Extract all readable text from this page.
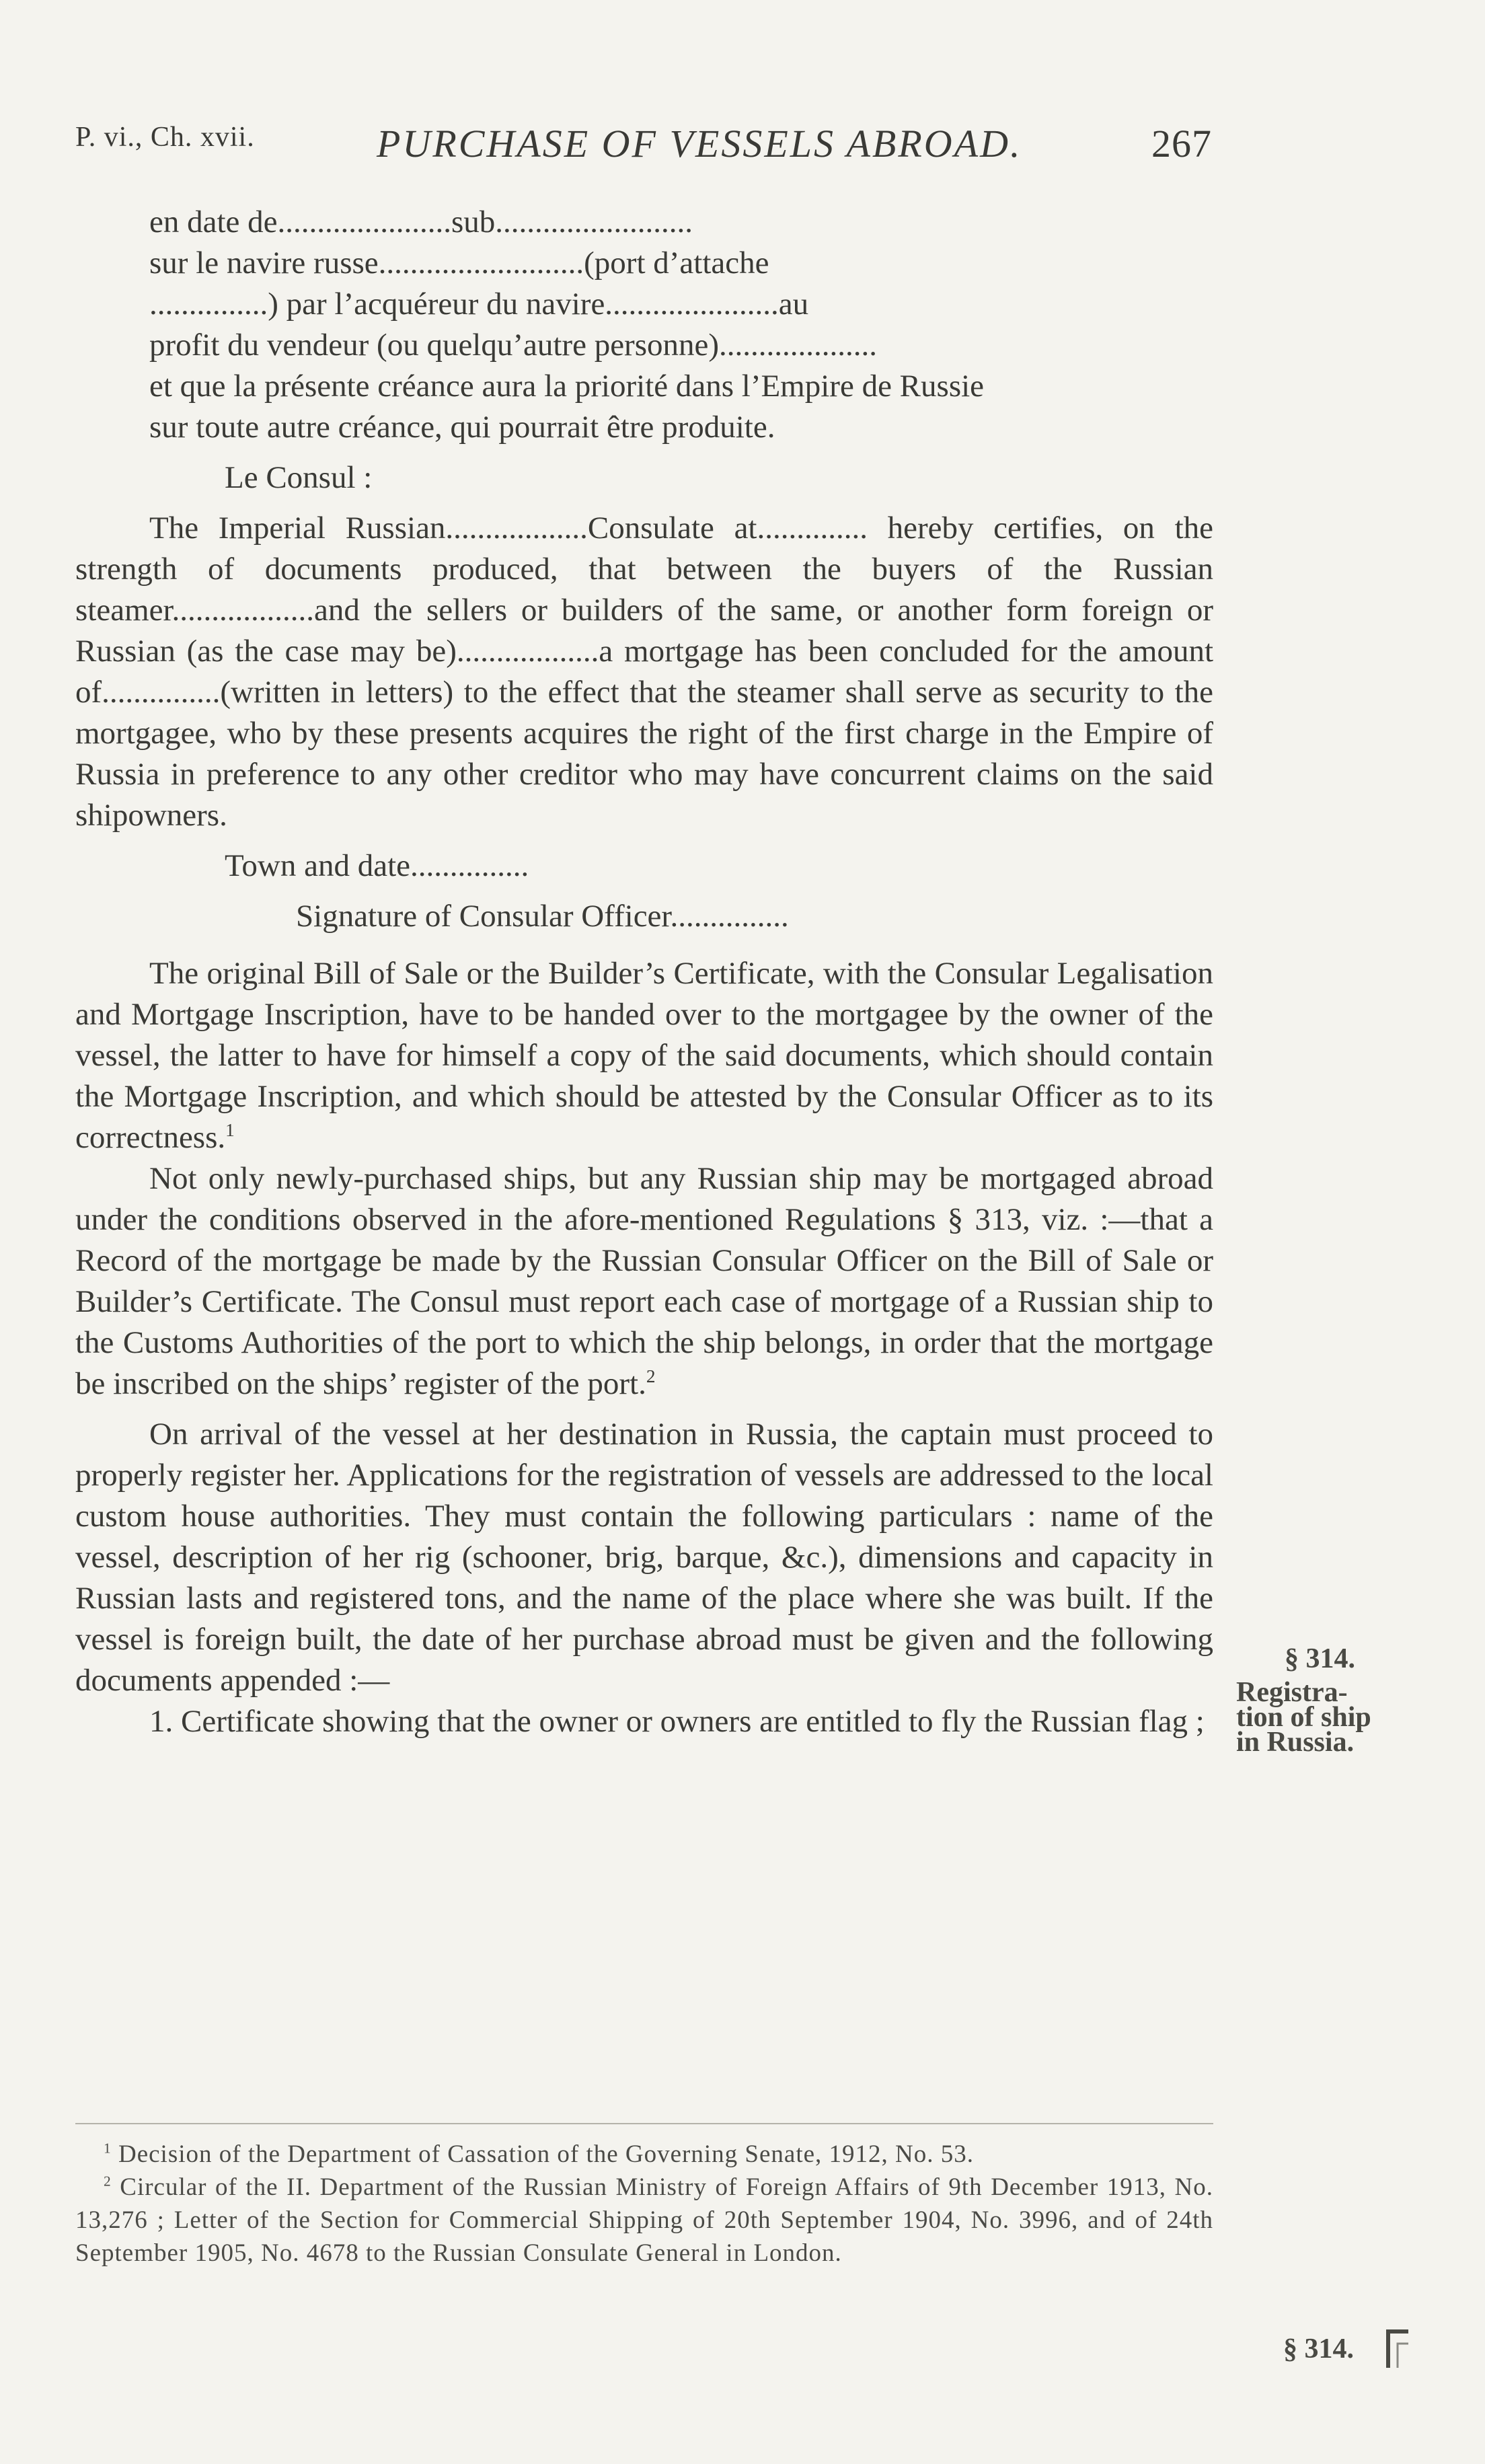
P. vi., Ch. xvii.	PURCHASE OF VESSELS ABROAD.	267

en date de......................sub.........................

sur le navire russe..........................(port d’attache

...............) par l’acquéreur du navire......................au

profit du vendeur (ou quelqu’autre personne)....................

et que la présente créance aura la priorité dans l’Empire de Russie

sur toute autre créance, qui pourrait être produite.

Le Consul :

The Imperial Russian..................Consulate at.............. hereby certifies, on the strength of documents produced, that between the buyers of the Russian steamer..................and the sellers or builders of the same, or another form foreign or Russian (as the case may be)..................a mortgage has been concluded for the amount of...............(written in letters) to the effect that the steamer shall serve as security to the mortgagee, who by these presents acquires the right of the first charge in the Empire of Russia in preference to any other creditor who may have concurrent claims on the said shipowners.

Town and date...............

Signature of Consular Officer...............

The original Bill of Sale or the Builder’s Certificate, with the Consular Legalisation and Mortgage Inscription, have to be handed over to the mortgagee by the owner of the vessel, the latter to have for himself a copy of the said documents, which should contain the Mortgage Inscription, and which should be attested by the Consular Officer as to its correctness.$^1$

Not only newly-purchased ships, but any Russian ship may be mortgaged abroad under the conditions observed in the afore-mentioned Regulations § 313, viz. :—that a Record of the mortgage be made by the Russian Consular Officer on the Bill of Sale or Builder’s Certificate. The Consul must report each case of mortgage of a Russian ship to the Customs Authorities of the port to which the ship belongs, in order that the mortgage be inscribed on the ships’ register of the port.$^2$

On arrival of the vessel at her destination in Russia, the captain must proceed to properly register her. Applications for the registration of vessels are addressed to the local custom house authorities. They must contain the following particulars : name of the vessel, description of her rig (schooner, brig, barque, &c.), dimensions and capacity in Russian lasts and registered tons, and the name of the place where she was built. If the vessel is foreign built, the date of her purchase abroad must be given and the following documents appended :—

1. Certificate showing that the owner or owners are entitled to fly the Russian flag ;

§ 314.
Registra-
tion of ship
in Russia.

$^1$ Decision of the Department of Cassation of the Governing Senate, 1912, No. 53.

$^2$ Circular of the II. Department of the Russian Ministry of Foreign Affairs of 9th December 1913, No. 13,276 ; Letter of the Section for Commercial Shipping of 20th September 1904, No. 3996, and of 24th September 1905, No. 4678 to the Russian Consulate General in London.

§ 314.
